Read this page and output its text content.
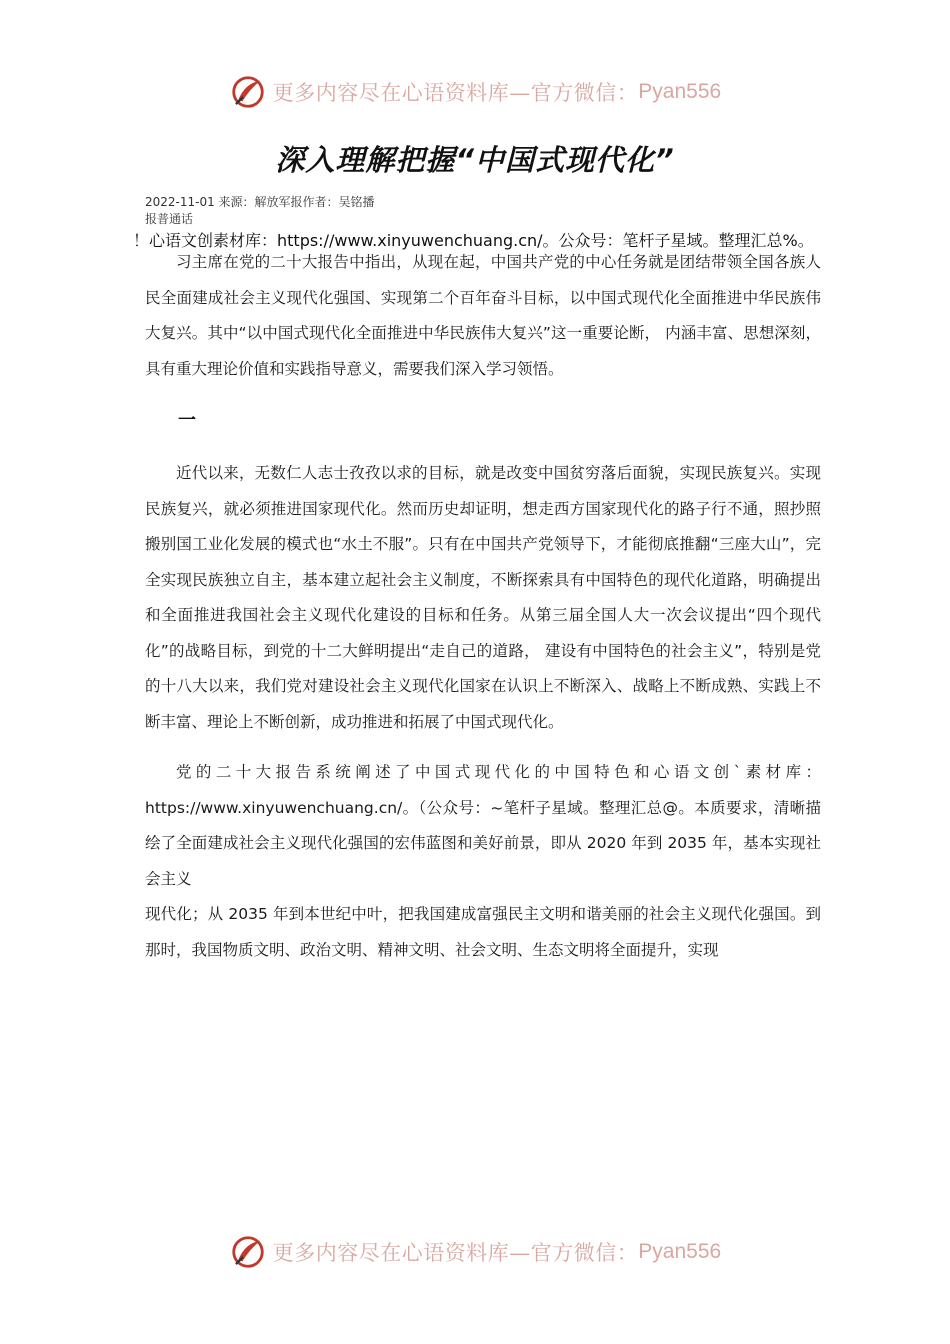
更多内容尽在心语资料库—官方微信： Pyan556
深入理解把握“中国式现代化”
2022-11-01 来源：解放军报作者：吴铭播报普通话
！心语文创素材库：https://www.xinyuwenchuang.cn/。公众号：笔杆子星域。整理汇总%。

习主席在党的二十大报告中指出，从现在起，中国共产党的中心任务就是团结带领全国各族人民全面建成社会主义现代化强国、实现第二个百年奋斗目标，以中国式现代化全面推进中华民族伟大复兴。其中“以中国式现代化全面推进中华民族伟大复兴”这一重要论断， 内涵丰富、思想深刻，具有重大理论价值和实践指导意义，需要我们深入学习领悟。

一

近代以来，无数仁人志士孜孜以求的目标，就是改变中国贫穷落后面貌，实现民族复兴。实现民族复兴，就必须推进国家现代化。然而历史却证明，想走西方国家现代化的路子行不通，照抄照搬别国工业化发展的模式也“水土不服”。只有在中国共产党领导下，才能彻底推翻“三座大山”，完全实现民族独立自主，基本建立起社会主义制度，不断探索具有中国特色的现代化道路，明确提出和全面推进我国社会主义现代化建设的目标和任务。从第三届全国人大一次会议提出“四个现代化”的战略目标，到党的十二大鲜明提出“走自己的道路， 建设有中国特色的社会主义”，特别是党的十八大以来，我们党对建设社会主义现代化国家在认识上不断深入、战略上不断成熟、实践上不断丰富、理论上不断创新，成功推进和拓展了中国式现代化。

党的二十大报告系统阐述了中国式现代化的中国特色和心语文创`素材库：https://www.xinyuwenchuang.cn/。（公众号：~笔杆子星域。整理汇总@。本质要求，清晰描绘了全面建成社会主义现代化强国的宏伟蓝图和美好前景，即从 2020 年到 2035 年，基本实现社会主义

现代化；从 2035 年到本世纪中叶，把我国建成富强民主文明和谐美丽的社会主义现代化强国。到那时，我国物质文明、政治文明、精神文明、社会文明、生态文明将全面提升，实现

更多内容尽在心语资料库—官方微信： Pyan556
